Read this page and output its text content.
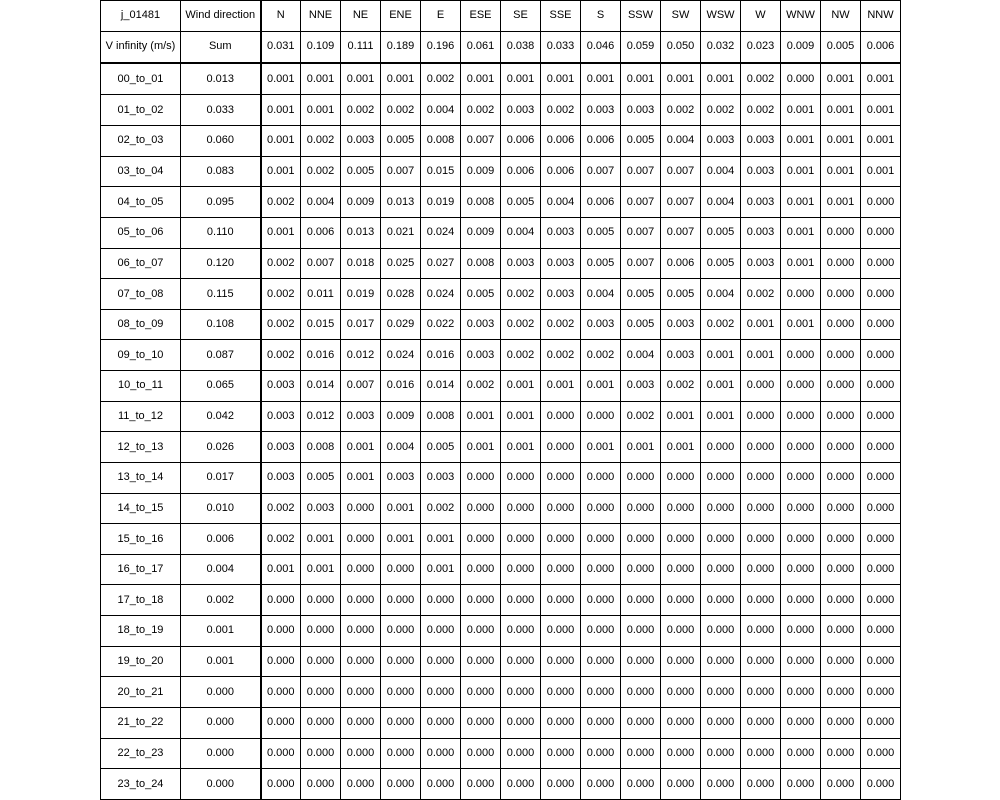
j_01481	Wind direction	N	NNE	NE	ENE	E	ESE	SE	SSE	S	SSW	SW	WSW	W	WNW	NW	NNW
V infinity (m/s)	Sum	0.031	0.109	0.111	0.189	0.196	0.061	0.038	0.033	0.046	0.059	0.050	0.032	0.023	0.009	0.005	0.006
00_to_01	0.013	0.001	0.001	0.001	0.001	0.002	0.001	0.001	0.001	0.001	0.001	0.001	0.001	0.002	0.000	0.001	0.001
01_to_02	0.033	0.001	0.001	0.002	0.002	0.004	0.002	0.003	0.002	0.003	0.003	0.002	0.002	0.002	0.001	0.001	0.001
02_to_03	0.060	0.001	0.002	0.003	0.005	0.008	0.007	0.006	0.006	0.006	0.005	0.004	0.003	0.003	0.001	0.001	0.001
03_to_04	0.083	0.001	0.002	0.005	0.007	0.015	0.009	0.006	0.006	0.007	0.007	0.007	0.004	0.003	0.001	0.001	0.001
04_to_05	0.095	0.002	0.004	0.009	0.013	0.019	0.008	0.005	0.004	0.006	0.007	0.007	0.004	0.003	0.001	0.001	0.000
05_to_06	0.110	0.001	0.006	0.013	0.021	0.024	0.009	0.004	0.003	0.005	0.007	0.007	0.005	0.003	0.001	0.000	0.000
06_to_07	0.120	0.002	0.007	0.018	0.025	0.027	0.008	0.003	0.003	0.005	0.007	0.006	0.005	0.003	0.001	0.000	0.000
07_to_08	0.115	0.002	0.011	0.019	0.028	0.024	0.005	0.002	0.003	0.004	0.005	0.005	0.004	0.002	0.000	0.000	0.000
08_to_09	0.108	0.002	0.015	0.017	0.029	0.022	0.003	0.002	0.002	0.003	0.005	0.003	0.002	0.001	0.001	0.000	0.000
09_to_10	0.087	0.002	0.016	0.012	0.024	0.016	0.003	0.002	0.002	0.002	0.004	0.003	0.001	0.001	0.000	0.000	0.000
10_to_11	0.065	0.003	0.014	0.007	0.016	0.014	0.002	0.001	0.001	0.001	0.003	0.002	0.001	0.000	0.000	0.000	0.000
11_to_12	0.042	0.003	0.012	0.003	0.009	0.008	0.001	0.001	0.000	0.000	0.002	0.001	0.001	0.000	0.000	0.000	0.000
12_to_13	0.026	0.003	0.008	0.001	0.004	0.005	0.001	0.001	0.000	0.001	0.001	0.001	0.000	0.000	0.000	0.000	0.000
13_to_14	0.017	0.003	0.005	0.001	0.003	0.003	0.000	0.000	0.000	0.000	0.000	0.000	0.000	0.000	0.000	0.000	0.000
14_to_15	0.010	0.002	0.003	0.000	0.001	0.002	0.000	0.000	0.000	0.000	0.000	0.000	0.000	0.000	0.000	0.000	0.000
15_to_16	0.006	0.002	0.001	0.000	0.001	0.001	0.000	0.000	0.000	0.000	0.000	0.000	0.000	0.000	0.000	0.000	0.000
16_to_17	0.004	0.001	0.001	0.000	0.000	0.001	0.000	0.000	0.000	0.000	0.000	0.000	0.000	0.000	0.000	0.000	0.000
17_to_18	0.002	0.000	0.000	0.000	0.000	0.000	0.000	0.000	0.000	0.000	0.000	0.000	0.000	0.000	0.000	0.000	0.000
18_to_19	0.001	0.000	0.000	0.000	0.000	0.000	0.000	0.000	0.000	0.000	0.000	0.000	0.000	0.000	0.000	0.000	0.000
19_to_20	0.001	0.000	0.000	0.000	0.000	0.000	0.000	0.000	0.000	0.000	0.000	0.000	0.000	0.000	0.000	0.000	0.000
20_to_21	0.000	0.000	0.000	0.000	0.000	0.000	0.000	0.000	0.000	0.000	0.000	0.000	0.000	0.000	0.000	0.000	0.000
21_to_22	0.000	0.000	0.000	0.000	0.000	0.000	0.000	0.000	0.000	0.000	0.000	0.000	0.000	0.000	0.000	0.000	0.000
22_to_23	0.000	0.000	0.000	0.000	0.000	0.000	0.000	0.000	0.000	0.000	0.000	0.000	0.000	0.000	0.000	0.000	0.000
23_to_24	0.000	0.000	0.000	0.000	0.000	0.000	0.000	0.000	0.000	0.000	0.000	0.000	0.000	0.000	0.000	0.000	0.000
